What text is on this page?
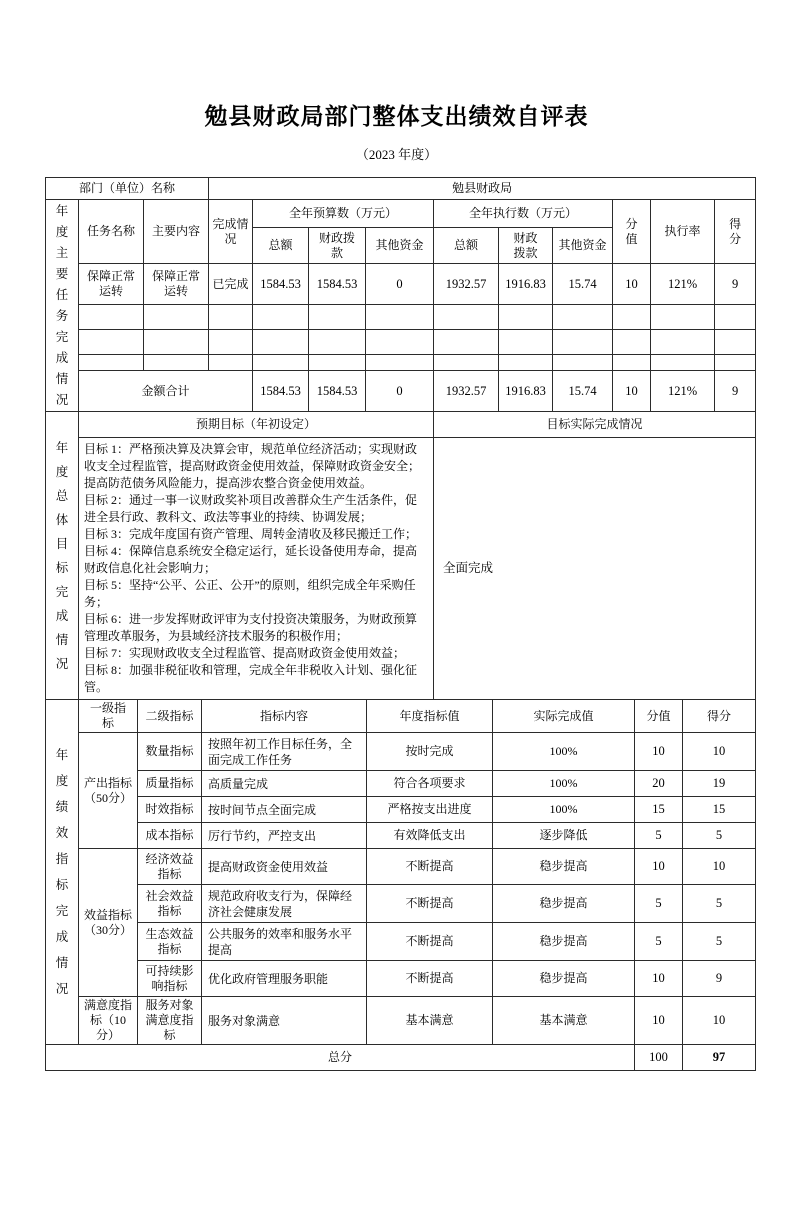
勉县财政局部门整体支出绩效自评表
（2023 年度）
部门（单位）名称			勉县财政局									
年度主要任务完成情况	任务名称	主要内容	完成情况	全年预算数（万元）			全年执行数（万元）			分值	执行率	得分
				总额	财政拨款	其他资金	总额	财政拨款	其他资金			
	保障正常运转	保障正常运转	已完成	1584.53	1584.53	0	1932.57	1916.83	15.74	10	121%	9

	金额合计			1584.53	1584.53	0	1932.57	1916.83	15.74	10	121%	9
年度总体目标完成情况	预期目标（年初设定）	目标实际完成情况

目标 1：严格预决算及决算会审，规范单位经济活动；实现财政收支全过程监管，提高财政资金使用效益，保障财政资金安全；提高防范债务风险能力，提高涉农整合资金使用效益。
目标 2：通过一事一议财政奖补项目改善群众生产生活条件，促进全县行政、教科文、政法等事业的持续、协调发展；
目标 3：完成年度国有资产管理、周转金清收及移民搬迁工作；
目标 4：保障信息系统安全稳定运行，延长设备使用寿命，提高财政信息化社会影响力；
目标 5：坚持“公平、公正、公开”的原则，组织完成全年采购任务；
目标 6：进一步发挥财政评审为支付投资决策服务，为财政预算管理改革服务，为县域经济技术服务的积极作用；
目标 7：实现财政收支全过程监管、提高财政资金使用效益；
目标 8：加强非税征收和管理，完成全年非税收入计划、强化征管。
	全面完成
年度绩效指标完成情况	一级指标	二级指标	指标内容	年度指标值	实际完成值	分值	得分
	产出指标（50分）	数量指标	按照年初工作目标任务，全面完成工作任务	按时完成	100%	10	10
		质量指标	高质量完成	符合各项要求	100%	20	19
		时效指标	按时间节点全面完成	严格按支出进度	100%	15	15
		成本指标	厉行节约，严控支出	有效降低支出	逐步降低	5	5
	效益指标（30分）	经济效益指标	提高财政资金使用效益	不断提高	稳步提高	10	10
		社会效益指标	规范政府收支行为，保障经济社会健康发展	不断提高	稳步提高	5	5
		生态效益指标	公共服务的效率和服务水平提高	不断提高	稳步提高	5	5
		可持续影响指标	优化政府管理服务职能	不断提高	稳步提高	10	9
	满意度指标（10分）	服务对象满意度指标	服务对象满意	基本满意	基本满意	10	10
总分						100	97
